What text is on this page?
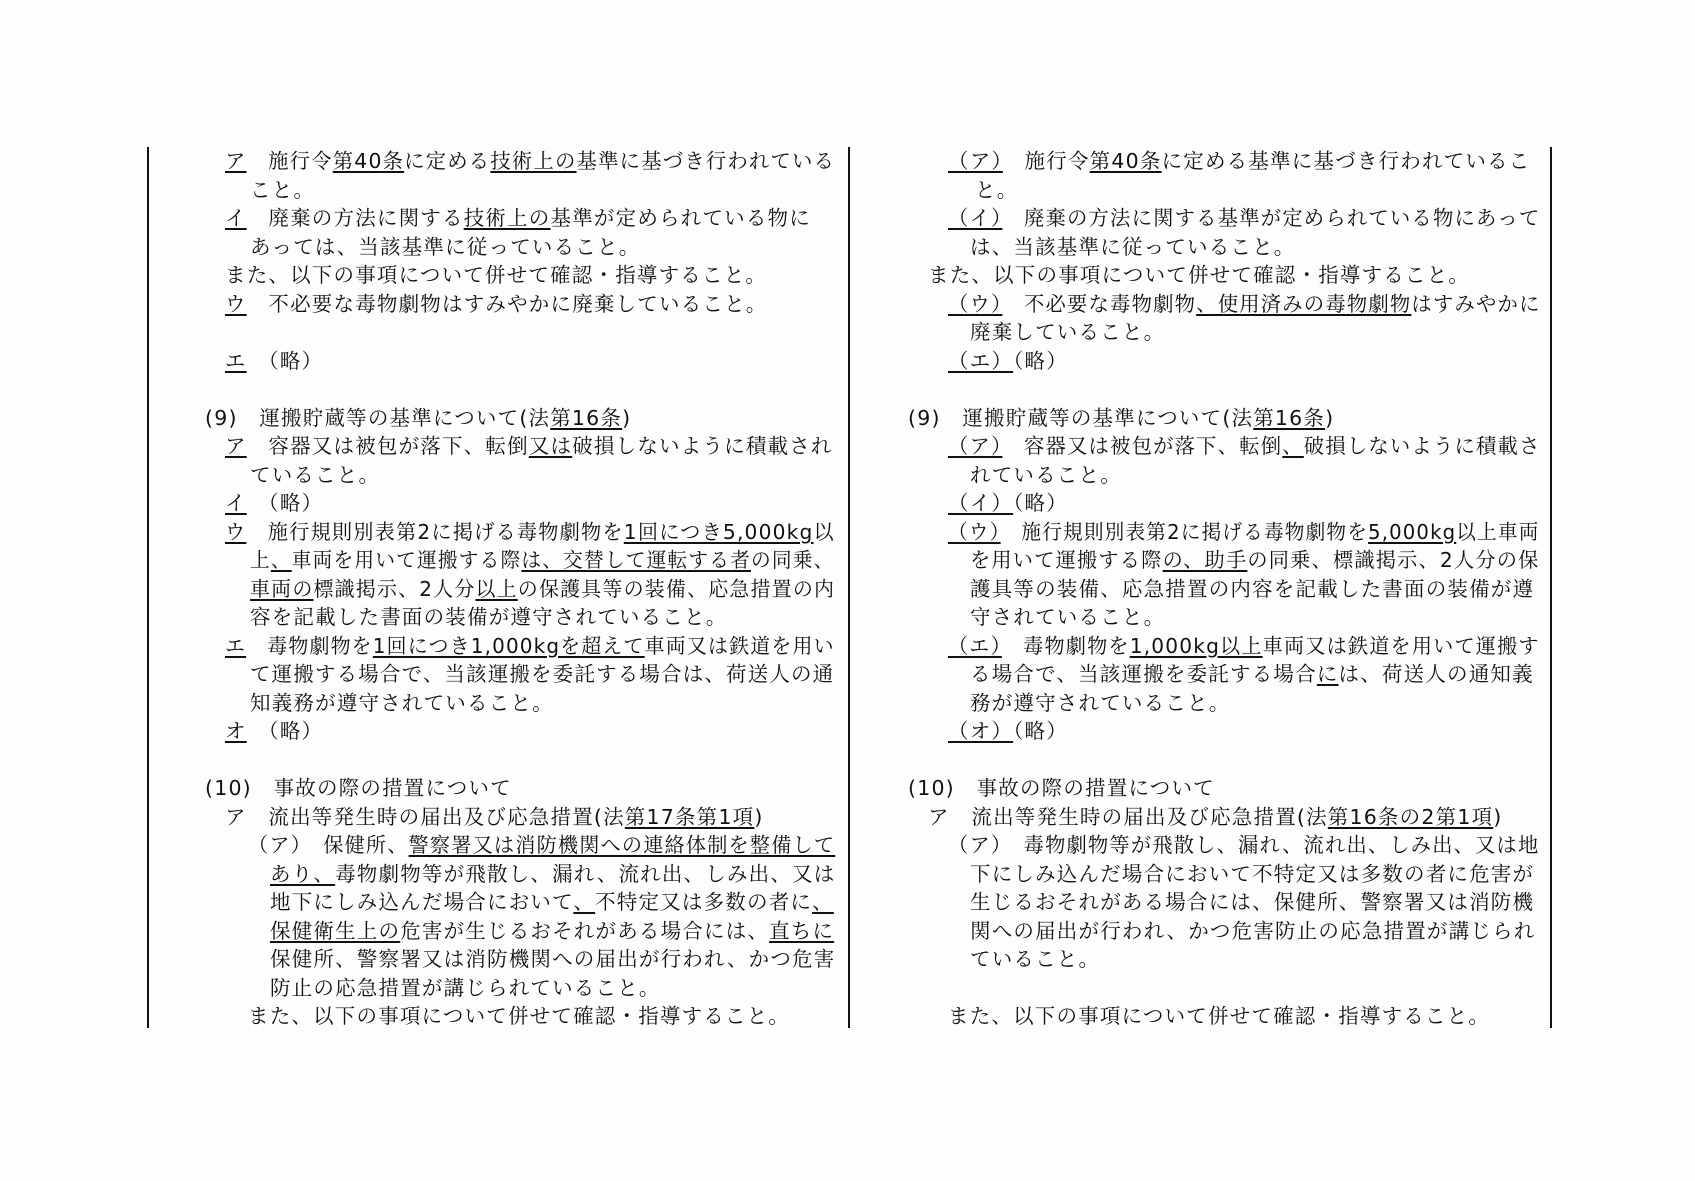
ア　施行令第40条に定める技術上の基準に基づき行われている
こと。
イ　廃棄の方法に関する技術上の基準が定められている物に
あっては、当該基準に従っていること。
また、以下の事項について併せて確認・指導すること。
ウ　不必要な毒物劇物はすみやかに廃棄していること。
エ　（略）
(9)　運搬貯蔵等の基準について(法第16条)
ア　容器又は被包が落下、転倒又は破損しないように積載され
ていること。
イ　（略）
ウ　施行規則別表第2に掲げる毒物劇物を1回につき5,000kg以
上、車両を用いて運搬する際は、交替して運転する者の同乗、
車両の標識掲示、2人分以上の保護具等の装備、応急措置の内
容を記載した書面の装備が遵守されていること。
エ　毒物劇物を1回につき1,000kgを超えて車両又は鉄道を用い
て運搬する場合で、当該運搬を委託する場合は、荷送人の通
知義務が遵守されていること。
オ　（略）
(10)　事故の際の措置について
ア　流出等発生時の届出及び応急措置(法第17条第1項)
（ア）　保健所、警察署又は消防機関への連絡体制を整備して
あり、毒物劇物等が飛散し、漏れ、流れ出、しみ出、又は
地下にしみ込んだ場合において、不特定又は多数の者に、
保健衛生上の危害が生じるおそれがある場合には、直ちに
保健所、警察署又は消防機関への届出が行われ、かつ危害
防止の応急措置が講じられていること。
また、以下の事項について併せて確認・指導すること。
（ア）　施行令第40条に定める基準に基づき行われているこ
と。
（イ）　廃棄の方法に関する基準が定められている物にあって
は、当該基準に従っていること。
また、以下の事項について併せて確認・指導すること。
（ウ）　不必要な毒物劇物、使用済みの毒物劇物はすみやかに
廃棄していること。
（エ）（略）
(9)　運搬貯蔵等の基準について(法第16条)
（ア）　容器又は被包が落下、転倒、破損しないように積載さ
れていること。
（イ）（略）
（ウ）　施行規則別表第2に掲げる毒物劇物を5,000kg以上車両
を用いて運搬する際の、助手の同乗、標識掲示、2人分の保
護具等の装備、応急措置の内容を記載した書面の装備が遵
守されていること。
（エ）　毒物劇物を1,000kg以上車両又は鉄道を用いて運搬す
る場合で、当該運搬を委託する場合には、荷送人の通知義
務が遵守されていること。
（オ）（略）
(10)　事故の際の措置について
ア　流出等発生時の届出及び応急措置(法第16条の2第1項)
（ア）　毒物劇物等が飛散し、漏れ、流れ出、しみ出、又は地
下にしみ込んだ場合において不特定又は多数の者に危害が
生じるおそれがある場合には、保健所、警察署又は消防機
関への届出が行われ、かつ危害防止の応急措置が講じられ
ていること。
また、以下の事項について併せて確認・指導すること。
